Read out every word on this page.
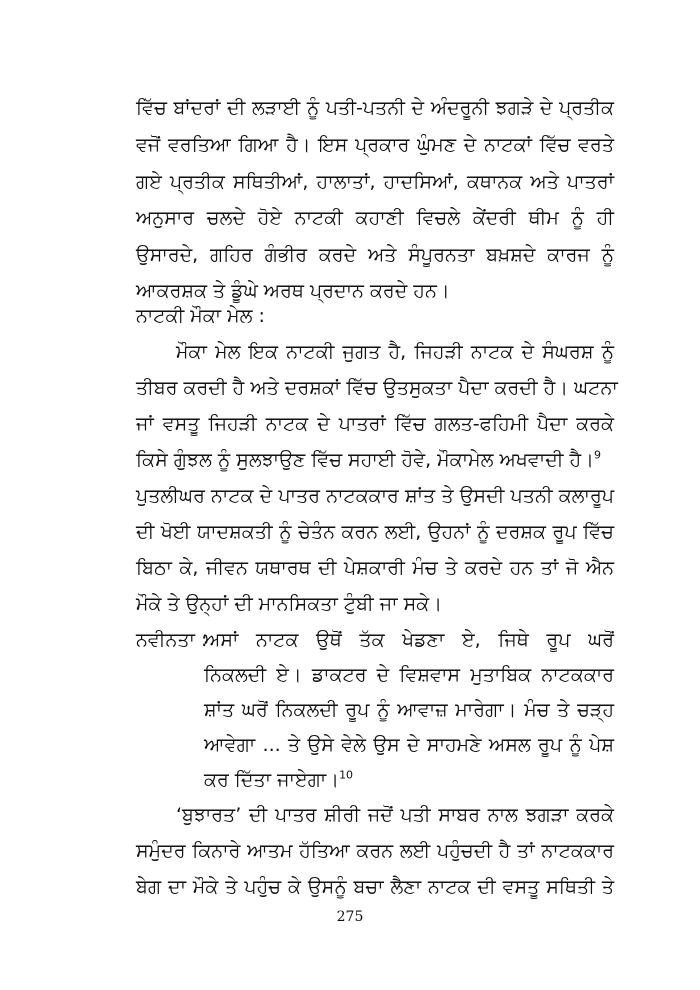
ਵਿੱਚ ਬਾਂਦਰਾਂ ਦੀ ਲੜਾਈ ਨੂੰ ਪਤੀ-ਪਤਨੀ ਦੇ ਅੰਦਰੂਨੀ ਝਗੜੇ ਦੇ ਪ੍ਰਤੀਕ
ਵਜੋਂ ਵਰਤਿਆ ਗਿਆ ਹੈ। ਇਸ ਪ੍ਰਕਾਰ ਘੁੰਮਣ ਦੇ ਨਾਟਕਾਂ ਵਿੱਚ ਵਰਤੇ
ਗਏ ਪ੍ਰਤੀਕ ਸਥਿਤੀਆਂ, ਹਾਲਾਤਾਂ, ਹਾਦਸਿਆਂ, ਕਥਾਨਕ ਅਤੇ ਪਾਤਰਾਂ
ਅਨੁਸਾਰ ਚਲਦੇ ਹੋਏ ਨਾਟਕੀ ਕਹਾਣੀ ਵਿਚਲੇ ਕੇਂਦਰੀ ਥੀਮ ਨੂੰ ਹੀ
ਉਸਾਰਦੇ, ਗਹਿਰ ਗੰਭੀਰ ਕਰਦੇ ਅਤੇ ਸੰਪੂਰਨਤਾ ਬਖ਼ਸ਼ਦੇ ਕਾਰਜ ਨੂੰ
ਆਕਰਸ਼ਕ ਤੇ ਡੂੰਘੇ ਅਰਥ ਪ੍ਰਦਾਨ ਕਰਦੇ ਹਨ।
ਨਾਟਕੀ ਮੌਕਾ ਮੇਲ :
ਮੌਕਾ ਮੇਲ ਇਕ ਨਾਟਕੀ ਜੁਗਤ ਹੈ, ਜਿਹੜੀ ਨਾਟਕ ਦੇ ਸੰਘਰਸ਼ ਨੂੰ
ਤੀਬਰ ਕਰਦੀ ਹੈ ਅਤੇ ਦਰਸ਼ਕਾਂ ਵਿੱਚ ਉਤਸੁਕਤਾ ਪੈਦਾ ਕਰਦੀ ਹੈ। ਘਟਨਾ
ਜਾਂ ਵਸਤੂ ਜਿਹੜੀ ਨਾਟਕ ਦੇ ਪਾਤਰਾਂ ਵਿੱਚ ਗਲਤ-ਫਹਿਮੀ ਪੈਦਾ ਕਰਕੇ
ਕਿਸੇ ਗੁੰਝਲ ਨੂੰ ਸੁਲਝਾਉਣ ਵਿੱਚ ਸਹਾਈ ਹੋਵੇ, ਮੌਕਾਮੇਲ ਅਖਵਾਦੀ ਹੈ।$^9$
ਪੁਤਲੀਘਰ ਨਾਟਕ ਦੇ ਪਾਤਰ ਨਾਟਕਕਾਰ ਸ਼ਾਂਤ ਤੇ ਉਸਦੀ ਪਤਨੀ ਕਲਾਰੂਪ
ਦੀ ਖੋਈ ਯਾਦਸ਼ਕਤੀ ਨੂੰ ਚੇਤੰਨ ਕਰਨ ਲਈ, ਉਹਨਾਂ ਨੂੰ ਦਰਸ਼ਕ ਰੂਪ ਵਿੱਚ
ਬਿਠਾ ਕੇ, ਜੀਵਨ ਯਥਾਰਥ ਦੀ ਪੇਸ਼ਕਾਰੀ ਮੰਚ ਤੇ ਕਰਦੇ ਹਨ ਤਾਂ ਜੋ ਐਨ
ਮੌਕੇ ਤੇ ਉਨ੍ਹਾਂ ਦੀ ਮਾਨਸਿਕਤਾ ਟੁੰਬੀ ਜਾ ਸਕੇ।
ਨਵੀਨਤਾ :
ਅਸਾਂ ਨਾਟਕ ਉਥੋਂ ਤੱਕ ਖੇਡਣਾ ਏ, ਜਿਥੇ ਰੂਪ ਘਰੋਂ
ਨਿਕਲਦੀ ਏ। ਡਾਕਟਰ ਦੇ ਵਿਸ਼ਵਾਸ ਮੁਤਾਬਿਕ ਨਾਟਕਕਾਰ
ਸ਼ਾਂਤ ਘਰੋਂ ਨਿਕਲਦੀ ਰੂਪ ਨੂੰ ਆਵਾਜ਼ ਮਾਰੇਗਾ। ਮੰਚ ਤੇ ਚੜ੍ਹ
ਆਵੇਗਾ ... ਤੇ ਉਸੇ ਵੇਲੇ ਉਸ ਦੇ ਸਾਹਮਣੇ ਅਸਲ ਰੂਪ ਨੂੰ ਪੇਸ਼
ਕਰ ਦਿੱਤਾ ਜਾਏਗਾ।$^{10}$
‘ਬੁਝਾਰਤ’ ਦੀ ਪਾਤਰ ਸ਼ੀਰੀ ਜਦੋਂ ਪਤੀ ਸਾਬਰ ਨਾਲ ਝਗੜਾ ਕਰਕੇ
ਸਮੁੰਦਰ ਕਿਨਾਰੇ ਆਤਮ ਹੱਤਿਆ ਕਰਨ ਲਈ ਪਹੁੰਚਦੀ ਹੈ ਤਾਂ ਨਾਟਕਕਾਰ
ਬੇਗ ਦਾ ਮੌਕੇ ਤੇ ਪਹੁੰਚ ਕੇ ਉਸਨੂੰ ਬਚਾ ਲੈਣਾ ਨਾਟਕ ਦੀ ਵਸਤੂ ਸਥਿਤੀ ਤੇ
275
